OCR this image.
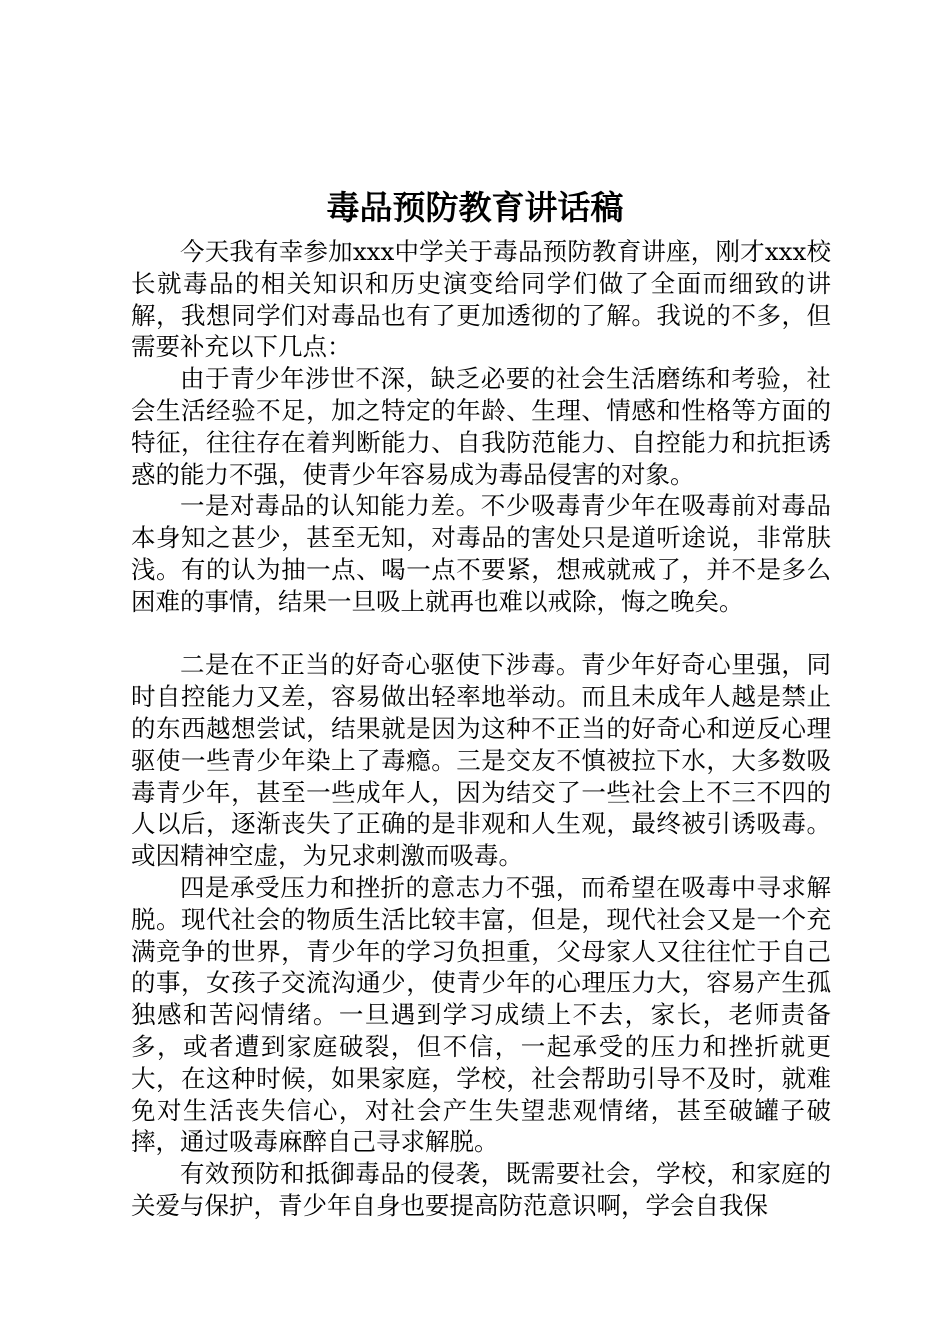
毒品预防教育讲话稿

今天我有幸参加xxx中学关于毒品预防教育讲座，刚才xxx校长就毒品的相关知识和历史演变给同学们做了全面而细致的讲解，我想同学们对毒品也有了更加透彻的了解。我说的不多，但需要补充以下几点：

由于青少年涉世不深，缺乏必要的社会生活磨练和考验，社会生活经验不足，加之特定的年龄、生理、情感和性格等方面的特征，往往存在着判断能力、自我防范能力、自控能力和抗拒诱惑的能力不强，使青少年容易成为毒品侵害的对象。

一是对毒品的认知能力差。不少吸毒青少年在吸毒前对毒品本身知之甚少，甚至无知，对毒品的害处只是道听途说，非常肤浅。有的认为抽一点、喝一点不要紧，想戒就戒了，并不是多么困难的事情，结果一旦吸上就再也难以戒除，悔之晚矣。

二是在不正当的好奇心驱使下涉毒。青少年好奇心里强，同时自控能力又差，容易做出轻率地举动。而且未成年人越是禁止的东西越想尝试，结果就是因为这种不正当的好奇心和逆反心理驱使一些青少年染上了毒瘾。三是交友不慎被拉下水，大多数吸毒青少年，甚至一些成年人，因为结交了一些社会上不三不四的人以后，逐渐丧失了正确的是非观和人生观，最终被引诱吸毒。或因精神空虚，为兄求刺激而吸毒。

四是承受压力和挫折的意志力不强，而希望在吸毒中寻求解脱。现代社会的物质生活比较丰富，但是，现代社会又是一个充满竞争的世界，青少年的学习负担重，父母家人又往往忙于自己的事，女孩子交流沟通少，使青少年的心理压力大，容易产生孤独感和苦闷情绪。一旦遇到学习成绩上不去，家长，老师责备多，或者遭到家庭破裂，但不信，一起承受的压力和挫折就更大，在这种时候，如果家庭，学校，社会帮助引导不及时，就难免对生活丧失信心，对社会产生失望悲观情绪，甚至破罐子破摔，通过吸毒麻醉自己寻求解脱。

有效预防和抵御毒品的侵袭，既需要社会，学校，和家庭的关爱与保护，青少年自身也要提高防范意识啊，学会自我保
